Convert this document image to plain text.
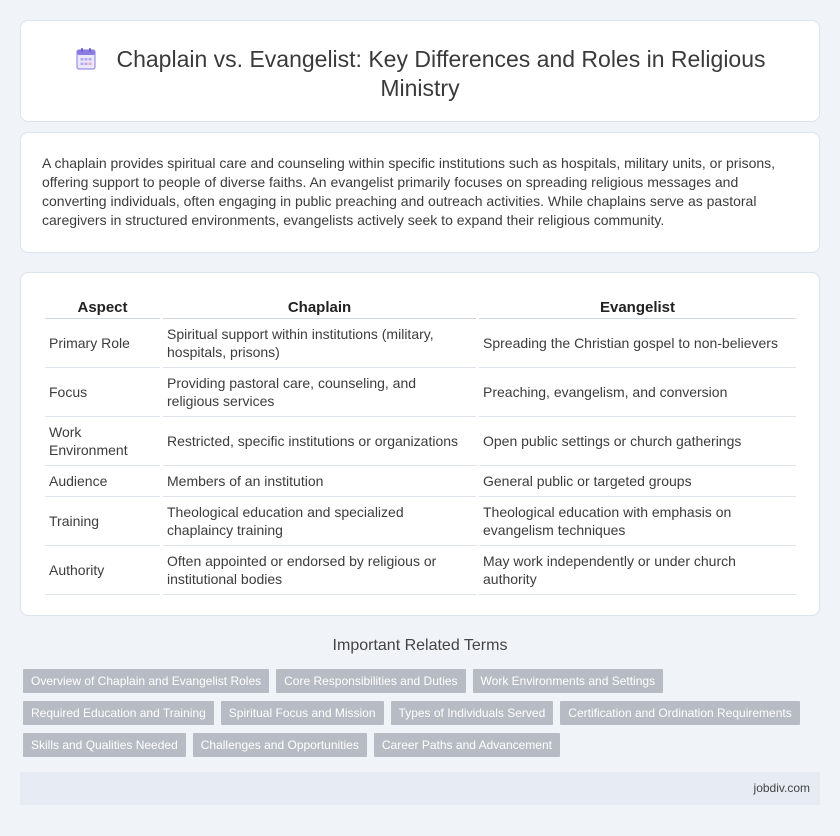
Chaplain vs. Evangelist: Key Differences and Roles in Religious Ministry

A chaplain provides spiritual care and counseling within specific institutions such as hospitals, military units, or prisons, offering support to people of diverse faiths. An evangelist primarily focuses on spreading religious messages and converting individuals, often engaging in public preaching and outreach activities. While chaplains serve as pastoral caregivers in structured environments, evangelists actively seek to expand their religious community.

Aspect	Chaplain	Evangelist
Primary Role	Spiritual support within institutions (military, hospitals, prisons)	Spreading the Christian gospel to non-believers
Focus	Providing pastoral care, counseling, and religious services	Preaching, evangelism, and conversion
Work Environment	Restricted, specific institutions or organizations	Open public settings or church gatherings
Audience	Members of an institution	General public or targeted groups
Training	Theological education and specialized chaplaincy training	Theological education with emphasis on evangelism techniques
Authority	Often appointed or endorsed by religious or institutional bodies	May work independently or under church authority
Important Related Terms
Overview of Chaplain and Evangelist Roles	Core Responsibilities and Duties	Work Environments and Settings
Required Education and Training	Spiritual Focus and Mission	Types of Individuals Served	Certification and Ordination Requirements
Skills and Qualities Needed	Challenges and Opportunities	Career Paths and Advancement
jobdiv.com
